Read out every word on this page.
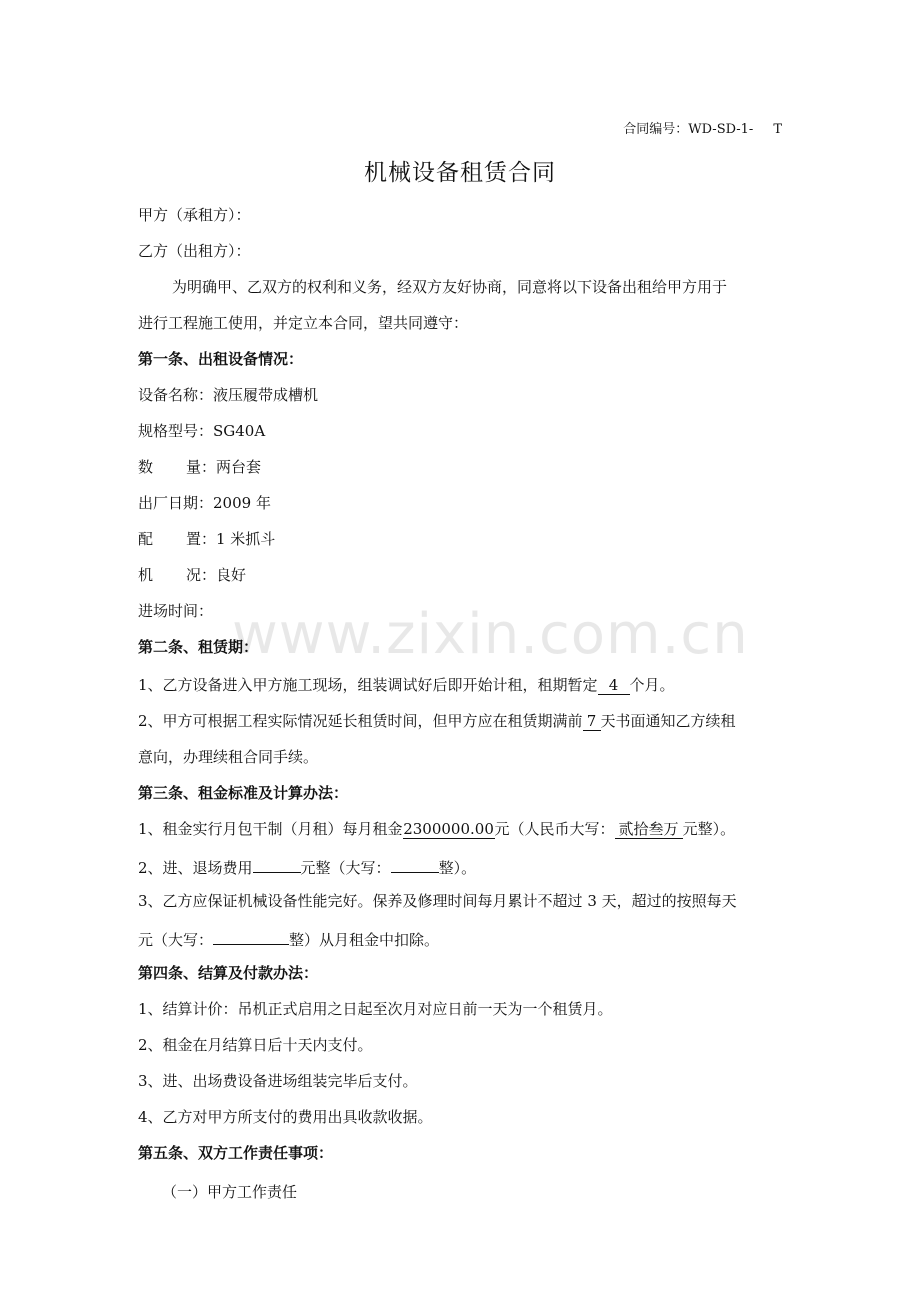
合同编号：WD-SD-1- T
机械设备租赁合同
甲方（承租方）：
乙方（出租方）：
为明确甲、乙双方的权利和义务，经双方友好协商，同意将以下设备出租给甲方用于
进行工程施工使用，并定立本合同，望共同遵守：
第一条、出租设备情况：
设备名称：液压履带成槽机
规格型号：SG40A
数 量：两台套
出厂日期：2009 年
配 置：1 米抓斗
机 况：良好
进场时间：
第二条、租赁期：
1、乙方设备进入甲方施工现场，组装调试好后即开始计租，租期暂定 4 个月。
2、甲方可根据工程实际情况延长租赁时间，但甲方应在租赁期满前 7 天书面通知乙方续租
意向，办理续租合同手续。
第三条、租金标准及计算办法：
1、租金实行月包干制（月租）每月租金2300000.00元（人民币大写： 贰拾叁万 元整）。
2、进、退场费用	元整（大写：	整）。
3、乙方应保证机械设备性能完好。保养及修理时间每月累计不超过 3 天，超过的按照每天
元（大写：	整）从月租金中扣除。
第四条、结算及付款办法：
1、结算计价：吊机正式启用之日起至次月对应日前一天为一个租赁月。
2、租金在月结算日后十天内支付。
3、进、出场费设备进场组装完毕后支付。
4、乙方对甲方所支付的费用出具收款收据。
第五条、双方工作责任事项：
（一）甲方工作责任
www.zixin.com.cn
